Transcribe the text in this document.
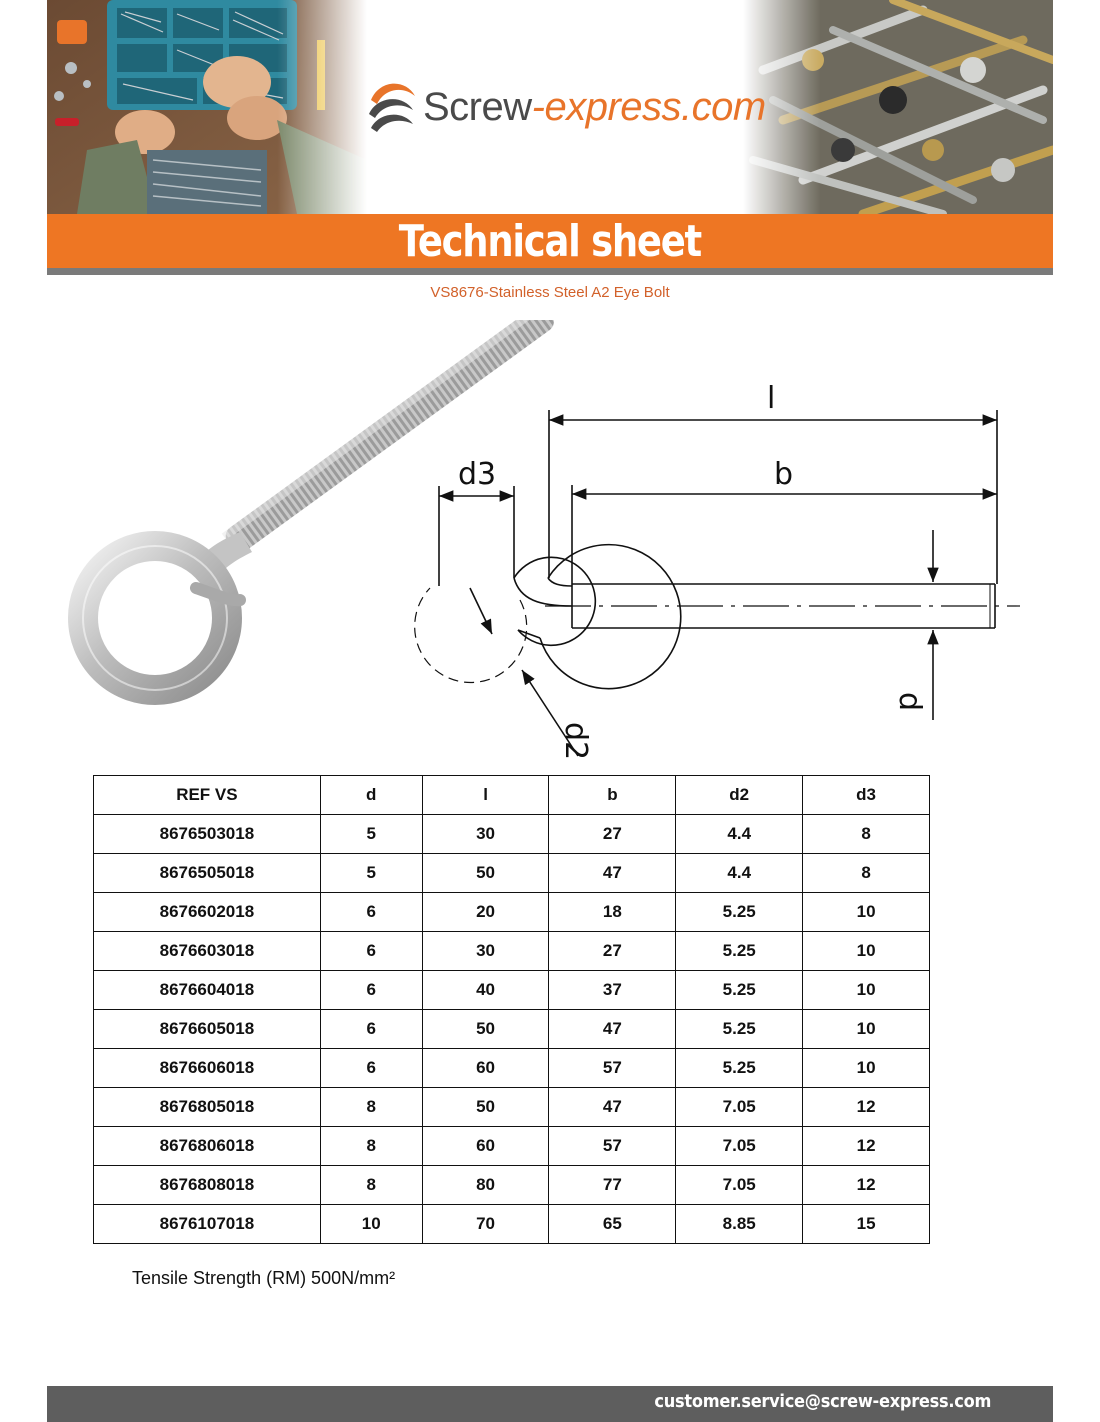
Screw-express.com
Technical sheet
VS8676-Stainless Steel A2 Eye Bolt
l
b
d3
d2
d
REF VS	d	l	b	d2	d3
8676503018	5	30	27	4.4	8
8676505018	5	50	47	4.4	8
8676602018	6	20	18	5.25	10
8676603018	6	30	27	5.25	10
8676604018	6	40	37	5.25	10
8676605018	6	50	47	5.25	10
8676606018	6	60	57	5.25	10
8676805018	8	50	47	7.05	12
8676806018	8	60	57	7.05	12
8676808018	8	80	77	7.05	12
8676107018	10	70	65	8.85	15
Tensile Strength (RM) 500N/mm²
customer.service@screw-express.com
